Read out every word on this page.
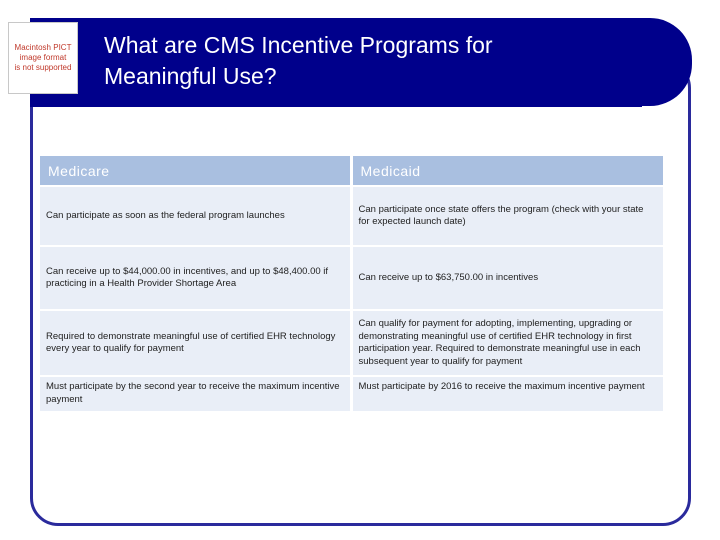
Macintosh PICT
image format
is not supported
What are CMS Incentive Programs for
Meaningful Use?
Medicare	Medicaid
Can participate as soon as the federal program launches	Can participate once state offers the program (check with your state for expected launch date)
Can receive up to $44,000.00 in incentives, and up to $48,400.00 if practicing in a Health Provider Shortage Area	Can receive up to $63,750.00 in incentives
Required to demonstrate meaningful use of certified EHR technology every year to qualify for payment	Can qualify for payment for adopting, implementing, upgrading or demonstrating meaningful use of certified EHR technology in first participation year. Required to demonstrate meaningful use in each subsequent year to qualify for payment
Must participate by the second year to receive the maximum incentive payment	Must participate by 2016 to receive the maximum incentive payment
